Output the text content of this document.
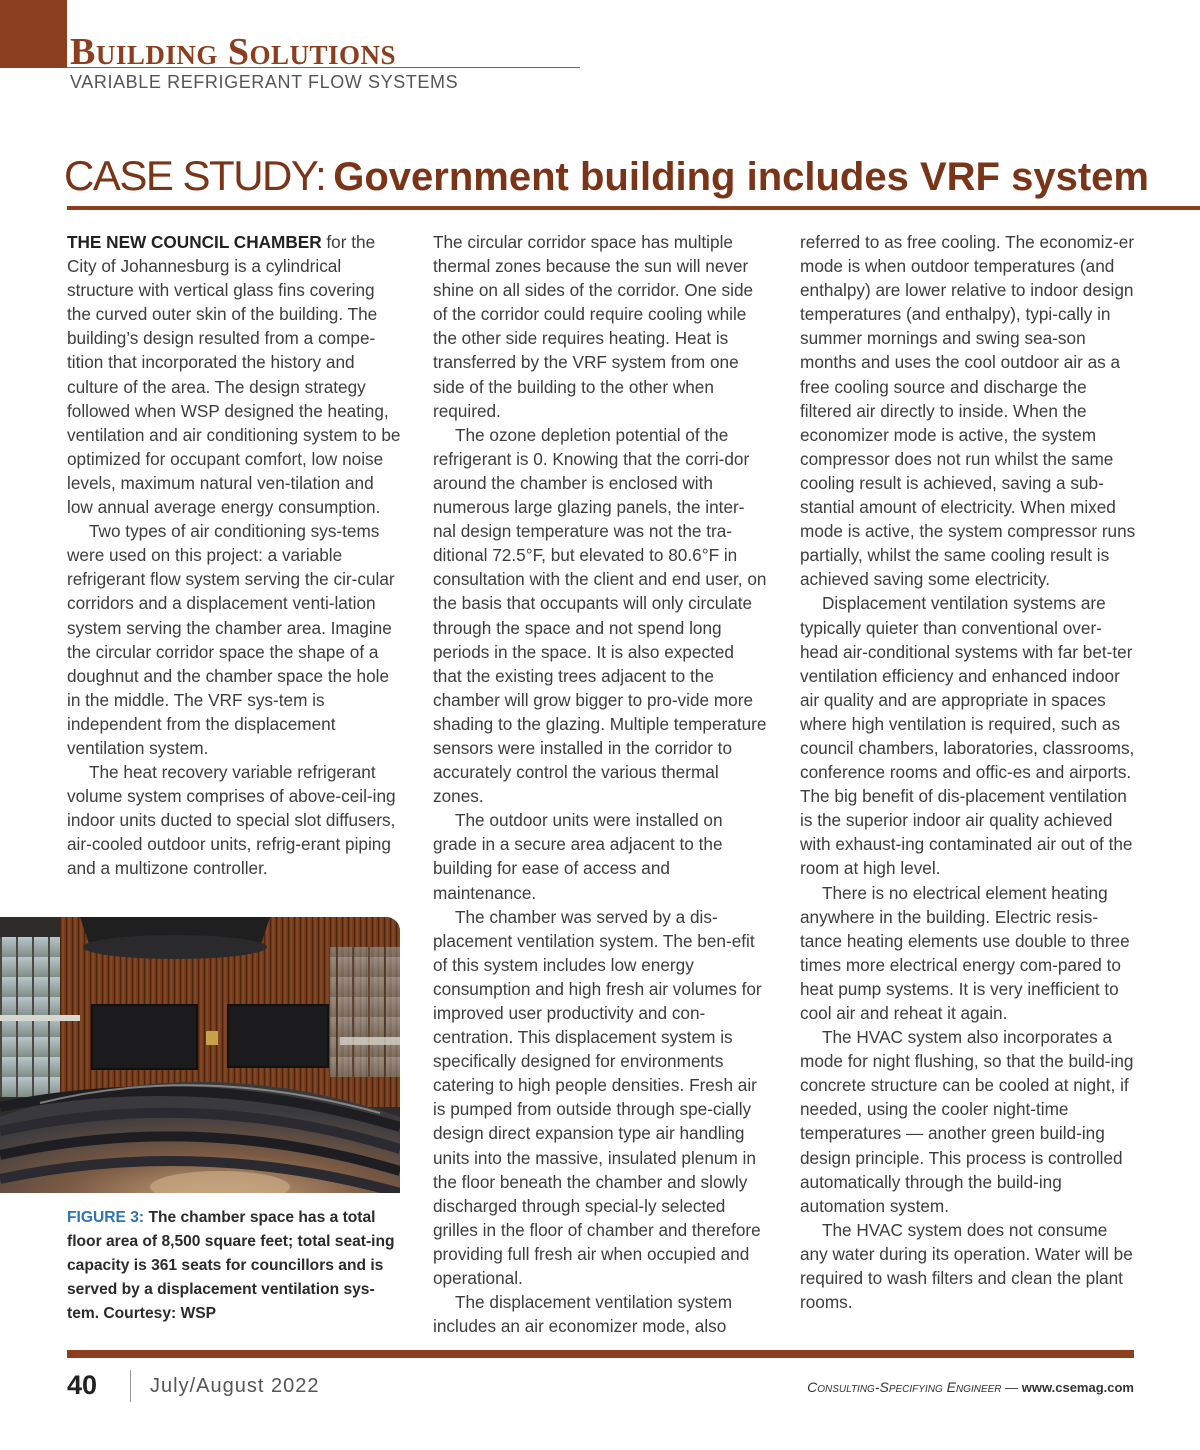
Building Solutions
VARIABLE REFRIGERANT FLOW SYSTEMS
CASE STUDY: Government building includes VRF system

THE NEW COUNCIL CHAMBER for the City of Johannesburg is a cylindrical structure with vertical glass fins covering the curved outer skin of the building. The building’s design resulted from a compe-tition that incorporated the history and culture of the area. The design strategy followed when WSP designed the heating, ventilation and air conditioning system to be optimized for occupant comfort, low noise levels, maximum natural ven-tilation and low annual average energy consumption.

Two types of air conditioning sys-tems were used on this project: a variable refrigerant flow system serving the cir-cular corridors and a displacement venti-lation system serving the chamber area. Imagine the circular corridor space the shape of a doughnut and the chamber space the hole in the middle. The VRF sys-tem is independent from the displacement ventilation system.

The heat recovery variable refrigerant volume system comprises of above-ceil-ing indoor units ducted to special slot diffusers, air-cooled outdoor units, refrig-erant piping and a multizone controller.

FIGURE 3: The chamber space has a total floor area of 8,500 square feet; total seat-ing capacity is 361 seats for councillors and is served by a displacement ventilation sys-tem. Courtesy: WSP

The circular corridor space has multiple thermal zones because the sun will never shine on all sides of the corridor. One side of the corridor could require cooling while the other side requires heating. Heat is transferred by the VRF system from one side of the building to the other when required.

The ozone depletion potential of the refrigerant is 0. Knowing that the corri-dor around the chamber is enclosed with numerous large glazing panels, the inter-nal design temperature was not the tra-ditional 72.5°F, but elevated to 80.6°F in consultation with the client and end user, on the basis that occupants will only circulate through the space and not spend long periods in the space. It is also expected that the existing trees adjacent to the chamber will grow bigger to pro-vide more shading to the glazing. Multiple temperature sensors were installed in the corridor to accurately control the various thermal zones.

The outdoor units were installed on grade in a secure area adjacent to the building for ease of access and maintenance.

The chamber was served by a dis-placement ventilation system. The ben-efit of this system includes low energy consumption and high fresh air volumes for improved user productivity and con-centration. This displacement system is specifically designed for environments catering to high people densities. Fresh air is pumped from outside through spe-cially design direct expansion type air handling units into the massive, insulated plenum in the floor beneath the chamber and slowly discharged through special-ly selected grilles in the floor of chamber and therefore providing full fresh air when occupied and operational.

The displacement ventilation system includes an air economizer mode, also

referred to as free cooling. The economiz-er mode is when outdoor temperatures (and enthalpy) are lower relative to indoor design temperatures (and enthalpy), typi-cally in summer mornings and swing sea-son months and uses the cool outdoor air as a free cooling source and discharge the filtered air directly to inside. When the economizer mode is active, the system compressor does not run whilst the same cooling result is achieved, saving a sub-stantial amount of electricity. When mixed mode is active, the system compressor runs partially, whilst the same cooling result is achieved saving some electricity.

Displacement ventilation systems are typically quieter than conventional over-head air-conditional systems with far bet-ter ventilation efficiency and enhanced indoor air quality and are appropriate in spaces where high ventilation is required, such as council chambers, laboratories, classrooms, conference rooms and offic-es and airports. The big benefit of dis-placement ventilation is the superior indoor air quality achieved with exhaust-ing contaminated air out of the room at high level.

There is no electrical element heating anywhere in the building. Electric resis-tance heating elements use double to three times more electrical energy com-pared to heat pump systems. It is very inefficient to cool air and reheat it again.

The HVAC system also incorporates a mode for night flushing, so that the build-ing concrete structure can be cooled at night, if needed, using the cooler night-time temperatures — another green build-ing design principle. This process is controlled automatically through the build-ing automation system.

The HVAC system does not consume any water during its operation. Water will be required to wash filters and clean the plant rooms.

40	July/August 2022	Consulting-Specifying Engineer — www.csemag.com
